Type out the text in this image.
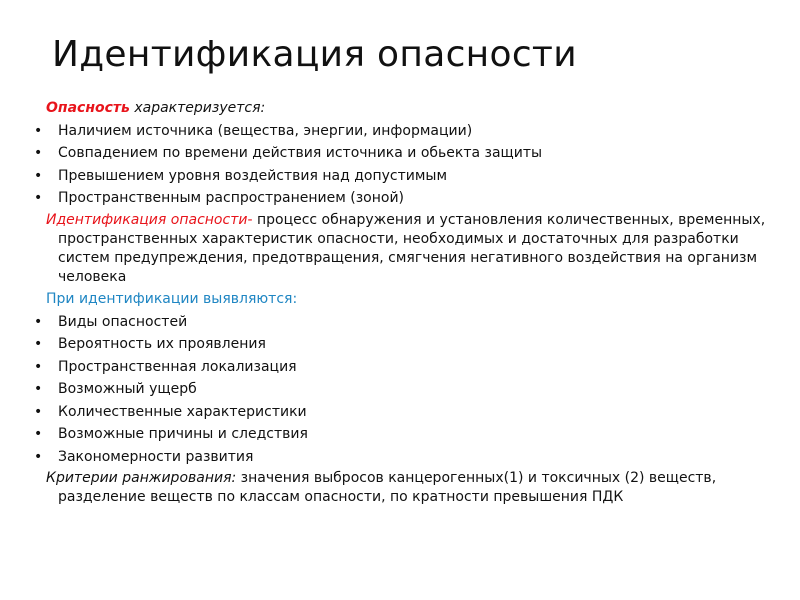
Идентификация опасности

Опасность характеризуется:

• Наличием источника (вещества, энергии, информации)

• Совпадением по времени действия источника и обьекта защиты

• Превышением уровня воздействия над допустимым

• Пространственным распространением (зоной)

Идентификация опасности- процесс обнаружения и установления количественных, временных, пространственных характеристик опасности, необходимых и достаточных для разработки систем предупреждения, предотвращения, смягчения негативного воздействия на организм человека

При идентификации выявляются:

• Виды опасностей

• Вероятность их проявления

• Пространственная локализация

• Возможный ущерб

• Количественные характеристики

• Возможные причины и следствия

• Закономерности развития

Критерии ранжирования: значения выбросов канцерогенных(1) и токсичных (2) веществ, разделение веществ по классам опасности, по кратности превышения ПДК
